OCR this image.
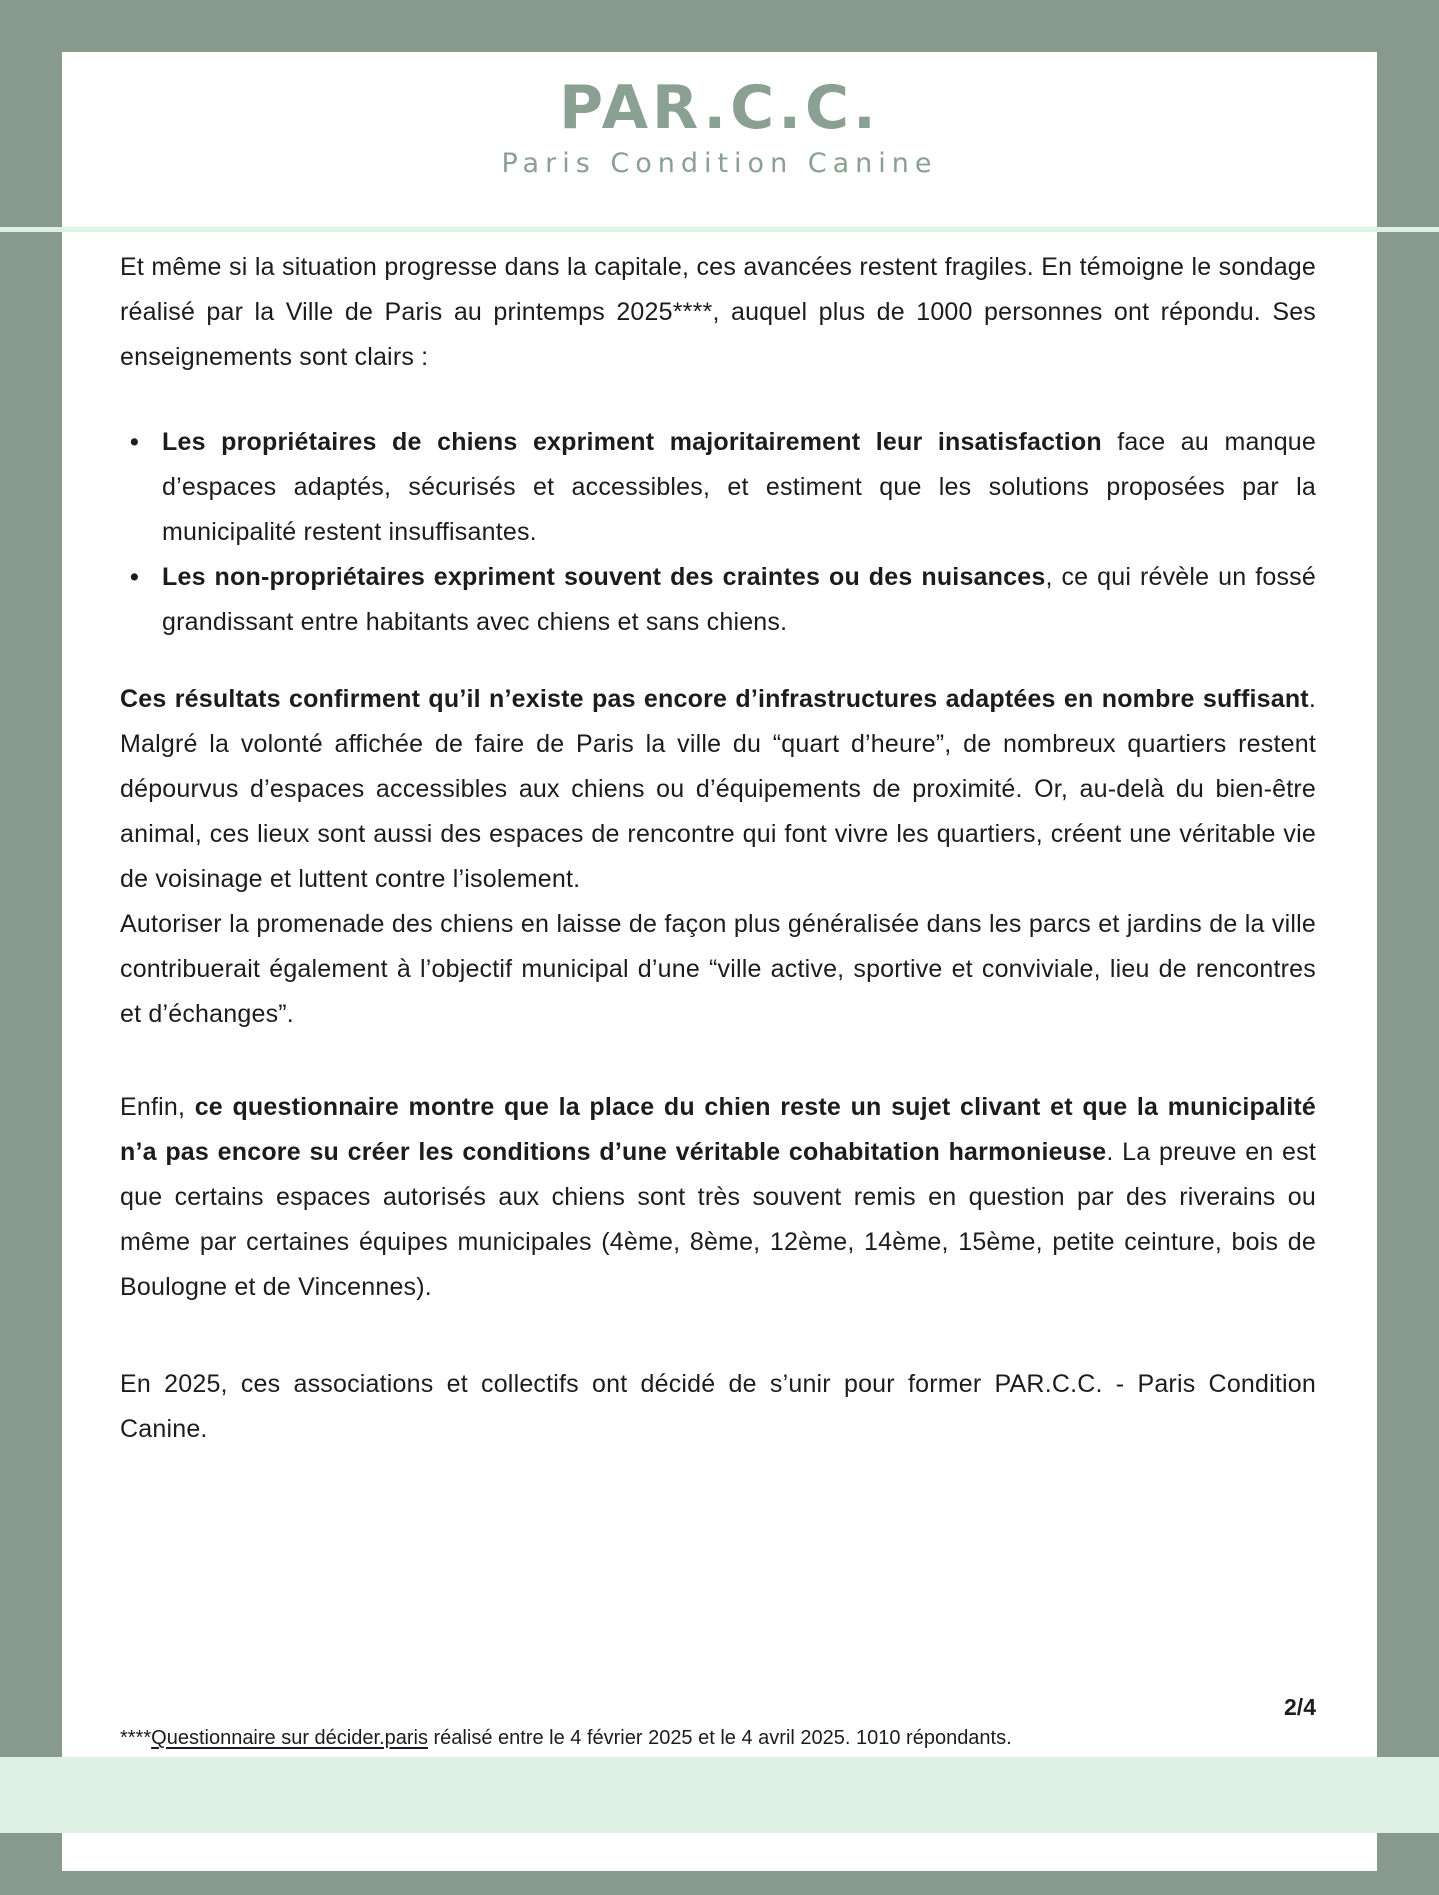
PAR.C.C.
Paris Condition Canine

Et même si la situation progresse dans la capitale, ces avancées restent fragiles. En témoigne le sondage réalisé par la Ville de Paris au printemps 2025****, auquel plus de 1000 personnes ont répondu. Ses enseignements sont clairs :

• Les propriétaires de chiens expriment majoritairement leur insatisfaction face au manque d’espaces adaptés, sécurisés et accessibles, et estiment que les solutions proposées par la municipalité restent insuffisantes.
• Les non-propriétaires expriment souvent des craintes ou des nuisances, ce qui révèle un fossé grandissant entre habitants avec chiens et sans chiens.

Ces résultats confirment qu’il n’existe pas encore d’infrastructures adaptées en nombre suffisant. Malgré la volonté affichée de faire de Paris la ville du “quart d’heure”, de nombreux quartiers restent dépourvus d’espaces accessibles aux chiens ou d’équipements de proximité. Or, au-delà du bien-être animal, ces lieux sont aussi des espaces de rencontre qui font vivre les quartiers, créent une véritable vie de voisinage et luttent contre l’isolement.

Autoriser la promenade des chiens en laisse de façon plus généralisée dans les parcs et jardins de la ville contribuerait également à l’objectif municipal d’une “ville active, sportive et conviviale, lieu de rencontres et d’échanges”.

Enfin, ce questionnaire montre que la place du chien reste un sujet clivant et que la municipalité n’a pas encore su créer les conditions d’une véritable cohabitation harmonieuse. La preuve en est que certains espaces autorisés aux chiens sont très souvent remis en question par des riverains ou même par certaines équipes municipales (4ème, 8ème, 12ème, 14ème, 15ème, petite ceinture, bois de Boulogne et de Vincennes).

En 2025, ces associations et collectifs ont décidé de s’unir pour former PAR.C.C. - Paris Condition Canine.

2/4
****Questionnaire sur décider.paris réalisé entre le 4 février 2025 et le 4 avril 2025. 1010 répondants.
